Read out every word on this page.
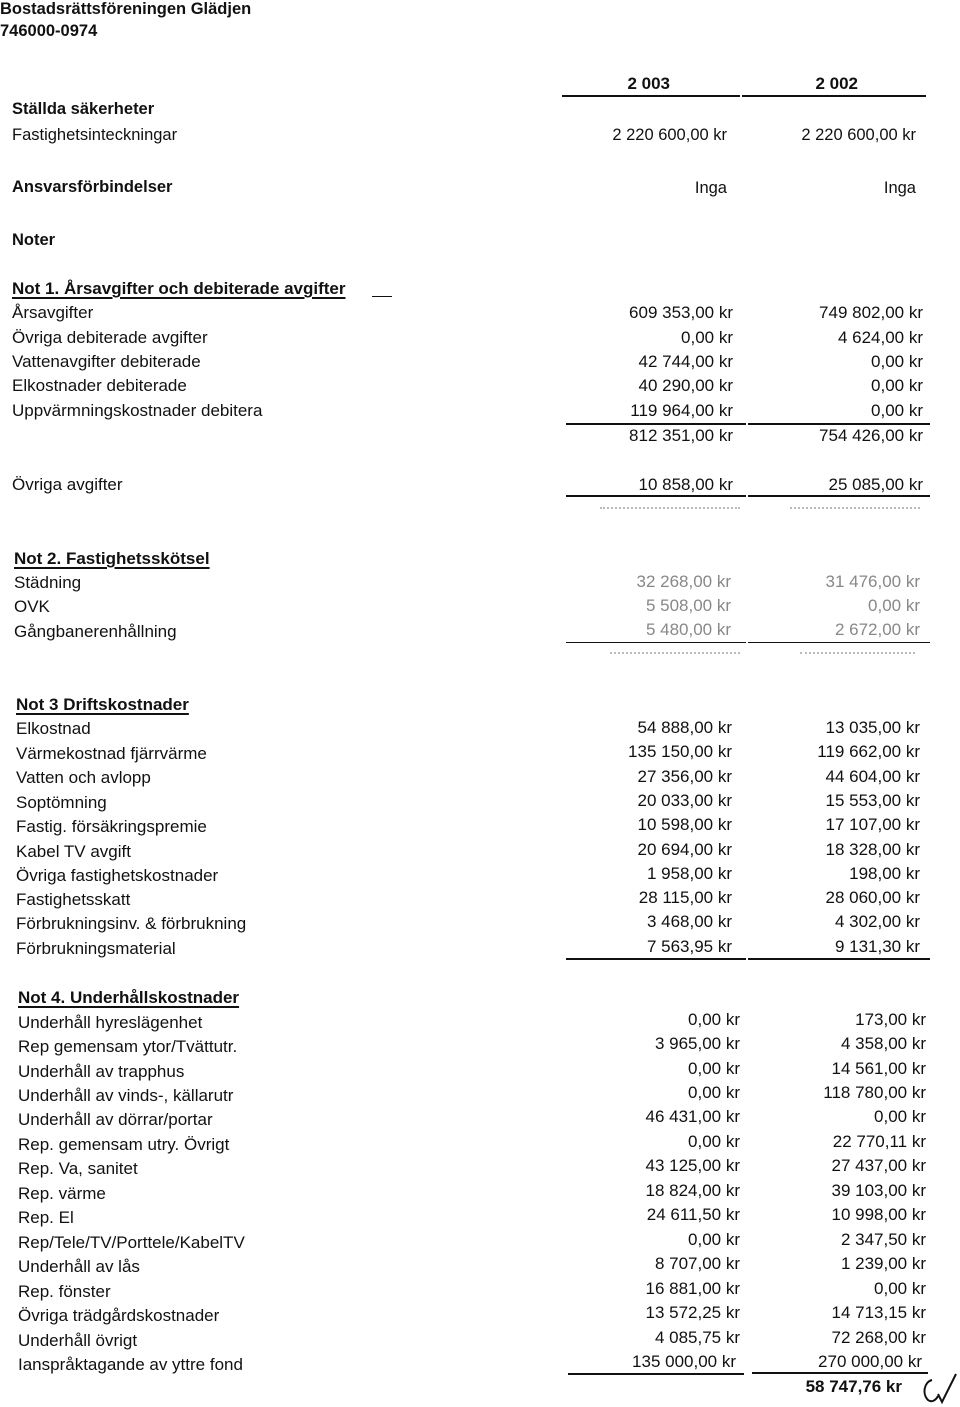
Bostadsrättsföreningen Glädjen
746000-0974
2 003	2 002
Ställda säkerheter
Fastighetsinteckningar	2 220 600,00 kr	2 220 600,00 kr
Ansvarsförbindelser	Inga	Inga
Noter
Not 1. Årsavgifter och debiterade avgifter
Årsavgifter	609 353,00 kr	749 802,00 kr
Övriga debiterade avgifter	0,00 kr	4 624,00 kr
Vattenavgifter debiterade	42 744,00 kr	0,00 kr
Elkostnader debiterade	40 290,00 kr	0,00 kr
Uppvärmningskostnader debitera	119 964,00 kr	0,00 kr
812 351,00 kr	754 426,00 kr
Övriga avgifter	10 858,00 kr	25 085,00 kr
Not 2. Fastighetsskötsel
Städning	32 268,00 kr	31 476,00 kr
OVK	5 508,00 kr	0,00 kr
Gångbanerenhållning	5 480,00 kr	2 672,00 kr
Not 3 Driftskostnader
Elkostnad	54 888,00 kr	13 035,00 kr
Värmekostnad fjärrvärme	135 150,00 kr	119 662,00 kr
Vatten och avlopp	27 356,00 kr	44 604,00 kr
Soptömning	20 033,00 kr	15 553,00 kr
Fastig. försäkringspremie	10 598,00 kr	17 107,00 kr
Kabel TV avgift	20 694,00 kr	18 328,00 kr
Övriga fastighetskostnader	1 958,00 kr	198,00 kr
Fastighetsskatt	28 115,00 kr	28 060,00 kr
Förbrukningsinv. & förbrukning	3 468,00 kr	4 302,00 kr
Förbrukningsmaterial	7 563,95 kr	9 131,30 kr
Not 4. Underhållskostnader
Underhåll hyreslägenhet	0,00 kr	173,00 kr
Rep gemensam ytor/Tvättutr.	3 965,00 kr	4 358,00 kr
Underhåll av trapphus	0,00 kr	14 561,00 kr
Underhåll av vinds-, källarutr	0,00 kr	118 780,00 kr
Underhåll av dörrar/portar	46 431,00 kr	0,00 kr
Rep. gemensam utry. Övrigt	0,00 kr	22 770,11 kr
Rep. Va, sanitet	43 125,00 kr	27 437,00 kr
Rep. värme	18 824,00 kr	39 103,00 kr
Rep. El	24 611,50 kr	10 998,00 kr
Rep/Tele/TV/Porttele/KabelTV	0,00 kr	2 347,50 kr
Underhåll av lås	8 707,00 kr	1 239,00 kr
Rep. fönster	16 881,00 kr	0,00 kr
Övriga trädgårdskostnader	13 572,25 kr	14 713,15 kr
Underhåll övrigt	4 085,75 kr	72 268,00 kr
Ianspråktagande av yttre fond	135 000,00 kr	270 000,00 kr
58 747,76 kr
